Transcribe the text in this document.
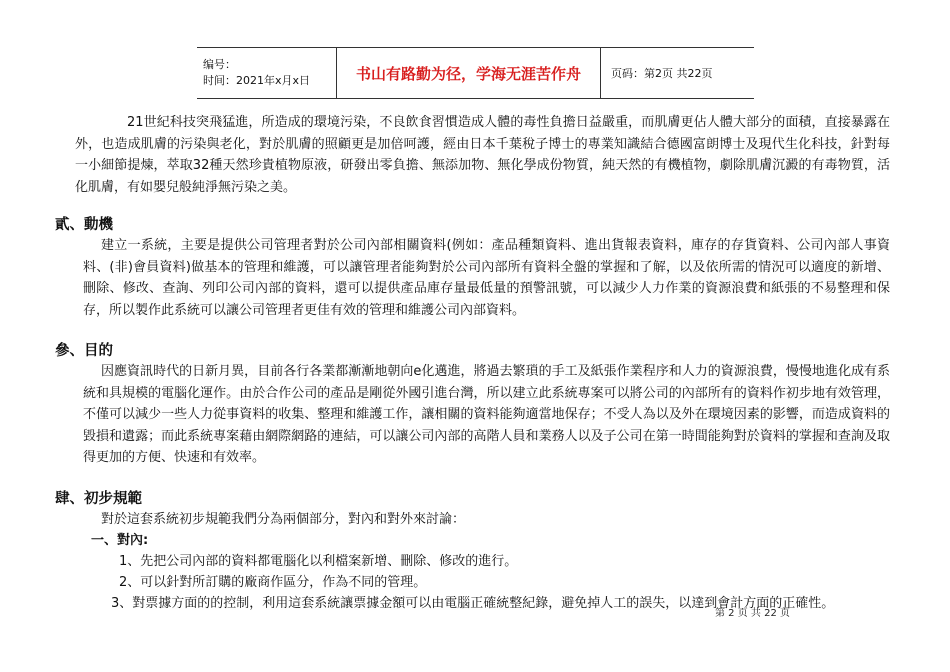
编号：
时间：2021年x月x日	书山有路勤为径，学海无涯苦作舟	页码：第2页 共22页

21世紀科技突飛猛進，所造成的環境污染，不良飲食習慣造成人體的毒性負擔日益嚴重，而肌膚更佔人體大部分的面積，直接暴露在外，也造成肌膚的污染與老化，對於肌膚的照顧更是加倍呵護，經由日本千葉稅子博士的專業知識結合德國富朗博士及現代生化科技，針對每一小細節提煉，萃取32種天然珍貴植物原液，研發出零負擔、無添加物、無化學成份物質，純天然的有機植物，劇除肌膚沉澱的有毒物質，活化肌膚，有如嬰兒般純淨無污染之美。

貳、動機

建立一系統，主要是提供公司管理者對於公司內部相關資料(例如：產品種類資料、進出貨報表資料，庫存的存貨資料、公司內部人事資料、(非)會員資料)做基本的管理和維護，可以讓管理者能夠對於公司內部所有資料全盤的掌握和了解，以及依所需的情況可以適度的新增、刪除、修改、查詢、列印公司內部的資料，還可以提供產品庫存量最低量的預警訊號，可以減少人力作業的資源浪費和紙張的不易整理和保存，所以製作此系統可以讓公司管理者更佳有效的管理和維護公司內部資料。

參、目的

因應資訊時代的日新月異，目前各行各業都漸漸地朝向e化邁進，將過去繁瑣的手工及紙張作業程序和人力的資源浪費，慢慢地進化成有系統和具規模的電腦化運作。由於合作公司的產品是剛從外國引進台灣，所以建立此系統專案可以將公司的內部所有的資料作初步地有效管理，不僅可以減少一些人力從事資料的收集、整理和維護工作，讓相關的資料能夠適當地保存；不受人為以及外在環境因素的影響，而造成資料的毀損和遺露；而此系統專案藉由網際網路的連結，可以讓公司內部的高階人員和業務人以及子公司在第一時間能夠對於資料的掌握和查詢及取得更加的方便、快速和有效率。

肆、初步規範

對於這套系統初步規範我們分為兩個部分，對內和對外來討論：

一、對內:

1、先把公司內部的資料都電腦化以利檔案新增、刪除、修改的進行。

2、可以針對所訂購的廠商作區分，作為不同的管理。

3、對票據方面的的控制，利用這套系統讓票據金額可以由電腦正確統整紀錄，避免掉人工的誤失，以達到會計方面的正確性。

第 2 页 共 22 页
